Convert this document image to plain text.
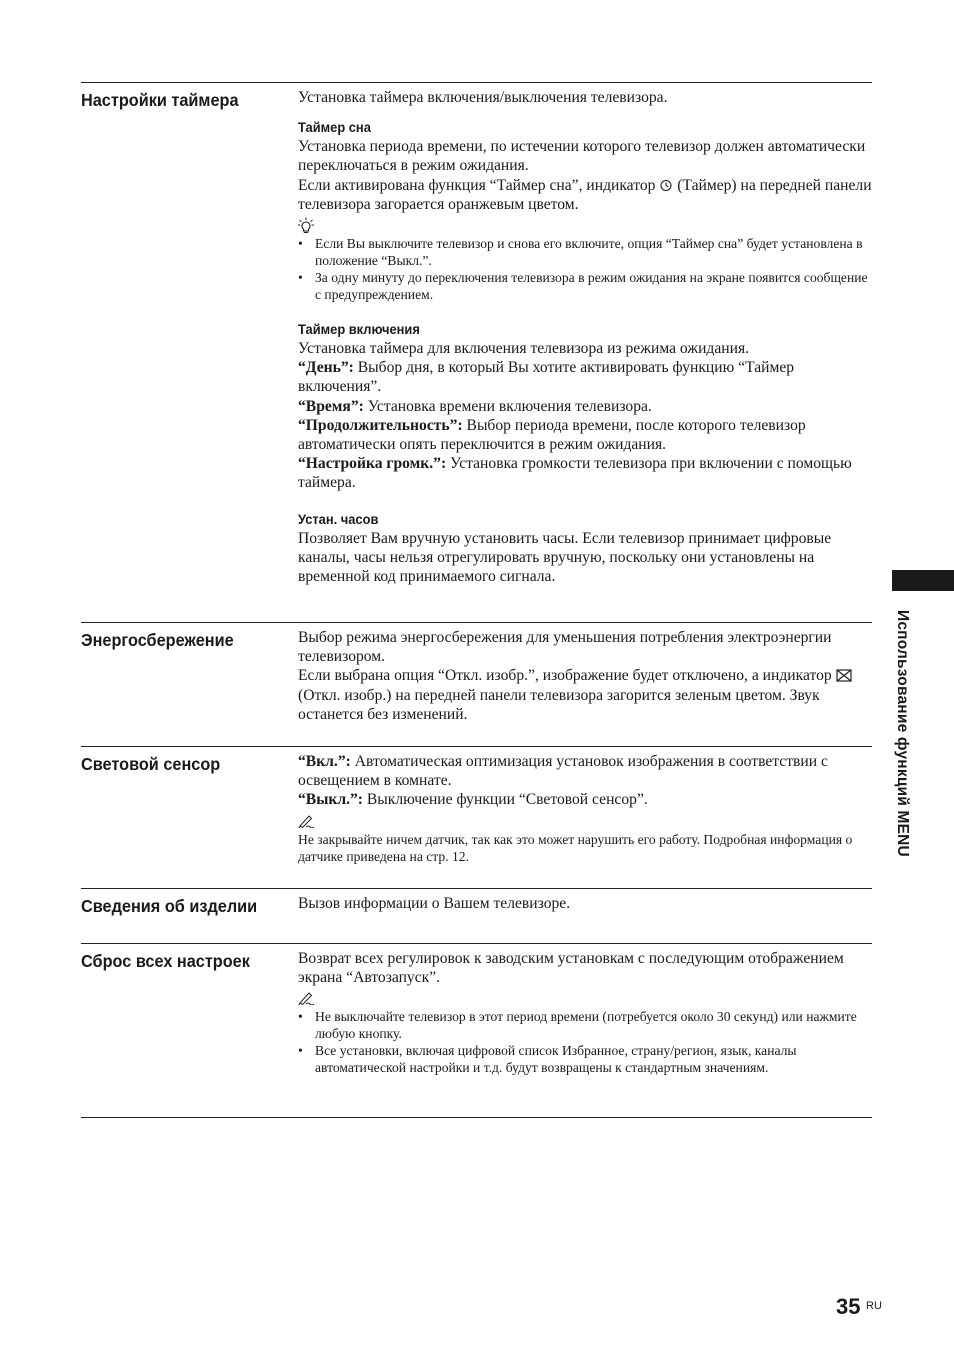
Настройки таймера	Установка таймера включения/выключения телевизора.

Таймер сна

Установка периода времени, по истечении которого телевизор должен автоматически переключаться в режим ожидания.

Если активирована функция “Таймер сна”, индикатор (Таймер) на передней панели телевизора загорается оранжевым цветом.

• Если Вы выключите телевизор и снова его включите, опция “Таймер сна” будет установлена в положение “Выкл.”.
• За одну минуту до переключения телевизора в режим ожидания на экране появится сообщение с предупреждением.
Таймер включения

Установка таймера для включения телевизора из режима ожидания.

“День”: Выбор дня, в который Вы хотите активировать функцию “Таймер включения”.

“Время”: Установка времени включения телевизора.

“Продолжительность”: Выбор периода времени, после которого телевизор автоматически опять переключится в режим ожидания.

“Настройка громк.”: Установка громкости телевизора при включении с помощью таймера.

Устан. часов

Позволяет Вам вручную установить часы. Если телевизор принимает цифровые каналы, часы нельзя отрегулировать вручную, поскольку они установлены на временной код принимаемого сигнала.

Энергосбережение	Выбор режима энергосбережения для уменьшения потребления электроэнергии телевизором.

Если выбрана опция “Откл. изобр.”, изображение будет отключено, а индикатор  (Откл. изобр.) на передней панели телевизора загорится зеленым цветом. Звук останется без изменений.

Световой сенсор	“Вкл.”: Автоматическая оптимизация установок изображения в соответствии с освещением в комнате.

“Выкл.”: Выключение функции “Световой сенсор”.

Не закрывайте ничем датчик, так как это может нарушить его работу. Подробная информация о датчике приведена на стр. 12.

Сведения об изделии	Вызов информации о Вашем телевизоре.

Сброс всех настроек	Возврат всех регулировок к заводским установкам с последующим отображением экрана “Автозапуск”.

• Не выключайте телевизор в этот период времени (потребуется около 30 секунд) или нажмите любую кнопку.
• Все установки, включая цифровой список Избранное, страну/регион, язык, каналы автоматической настройки и т.д. будут возвращены к стандартным значениям.
Использование функций MENU
35 RU
